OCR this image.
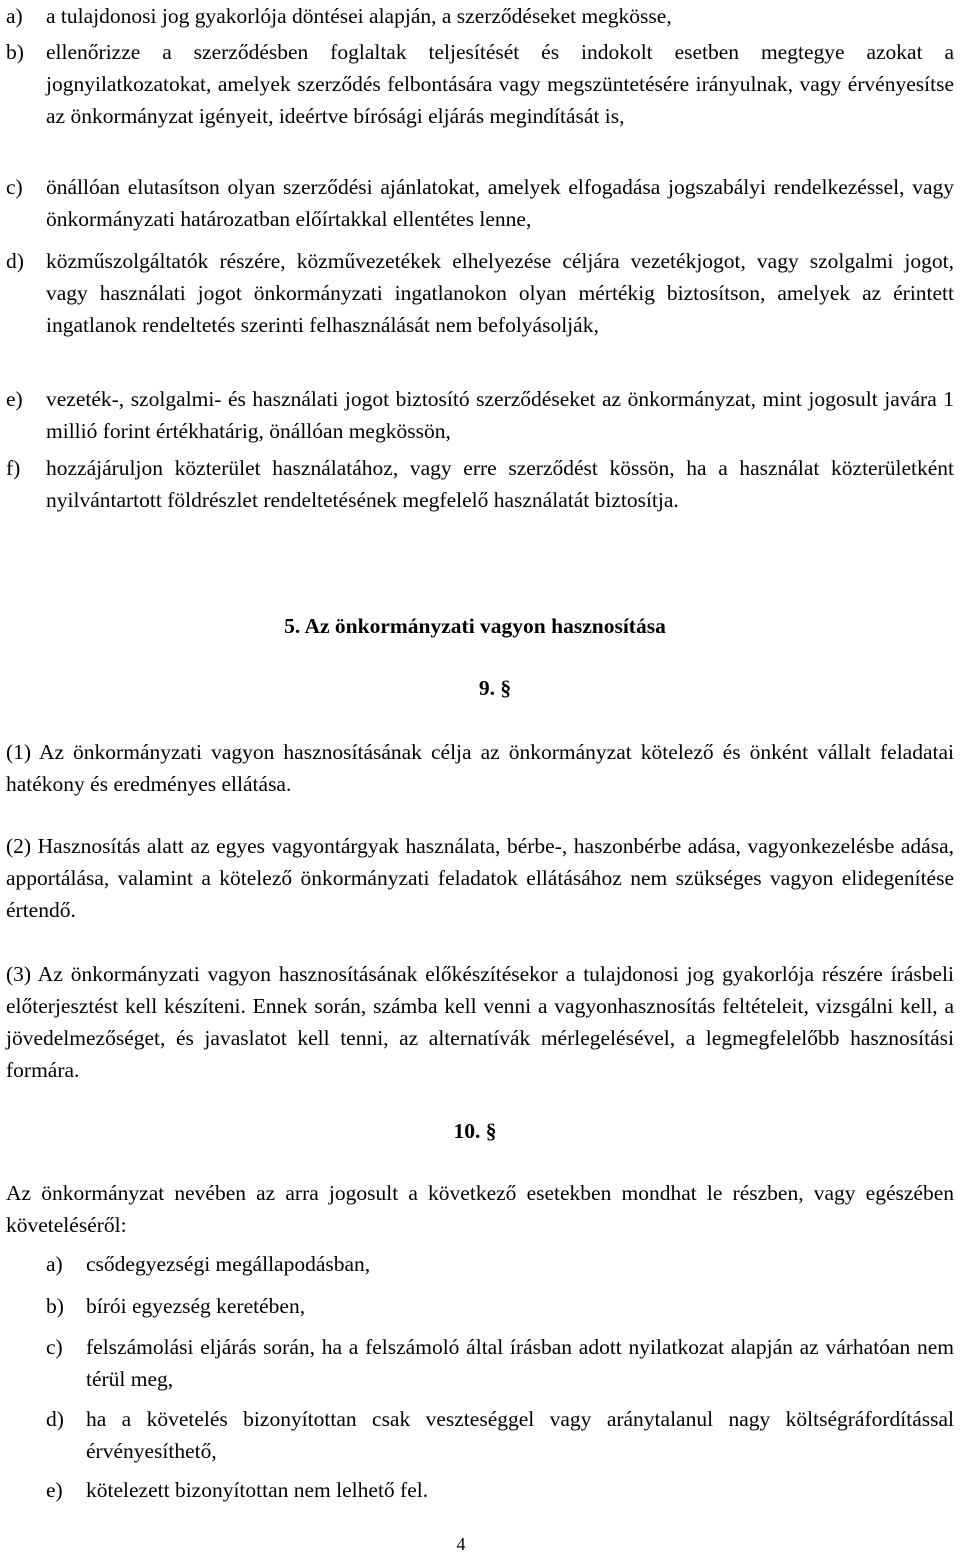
a)	a tulajdonosi jog gyakorlója döntései alapján, a szerződéseket megkösse,
b)	ellenőrizze a szerződésben foglaltak teljesítését és indokolt esetben megtegye azokat a jognyilatkozatokat, amelyek szerződés felbontására vagy megszüntetésére irányulnak, vagy érvényesítse az önkormányzat igényeit, ideértve bírósági eljárás megindítását is,
c)	önállóan elutasítson olyan szerződési ajánlatokat, amelyek elfogadása jogszabályi rendelkezéssel, vagy önkormányzati határozatban előírtakkal ellentétes lenne,
d)	közműszolgáltatók részére, közművezetékek elhelyezése céljára vezetékjogot, vagy szolgalmi jogot, vagy használati jogot önkormányzati ingatlanokon olyan mértékig biztosítson, amelyek az érintett ingatlanok rendeltetés szerinti felhasználását nem befolyásolják,
e)	vezeték-, szolgalmi- és használati jogot biztosító szerződéseket az önkormányzat, mint jogosult javára 1 millió forint értékhatárig, önállóan megkössön,
f)	hozzájáruljon közterület használatához, vagy erre szerződést kössön, ha a használat közterületként nyilvántartott földrészlet rendeltetésének megfelelő használatát biztosítja.
5. Az önkormányzati vagyon hasznosítása
9. §
(1) Az önkormányzati vagyon hasznosításának célja az önkormányzat kötelező és önként vállalt feladatai hatékony és eredményes ellátása.
(2) Hasznosítás alatt az egyes vagyontárgyak használata, bérbe-, haszonbérbe adása, vagyonkezelésbe adása, apportálása, valamint a kötelező önkormányzati feladatok ellátásához nem szükséges vagyon elidegenítése értendő.
(3) Az önkormányzati vagyon hasznosításának előkészítésekor a tulajdonosi jog gyakorlója részére írásbeli előterjesztést kell készíteni. Ennek során, számba kell venni a vagyonhasznosítás feltételeit, vizsgálni kell, a jövedelmezőséget, és javaslatot kell tenni, az alternatívák mérlegelésével, a legmegfelelőbb hasznosítási formára.
10. §
Az önkormányzat nevében az arra jogosult a következő esetekben mondhat le részben, vagy egészében követeléséről:
a)	csődegyezségi megállapodásban,
b)	bírói egyezség keretében,
c)	felszámolási eljárás során, ha a felszámoló által írásban adott nyilatkozat alapján az várhatóan nem térül meg,
d)	ha a követelés bizonyítottan csak veszteséggel vagy aránytalanul nagy költségráfordítással érvényesíthető,
e)	kötelezett bizonyítottan nem lelhető fel.
4
